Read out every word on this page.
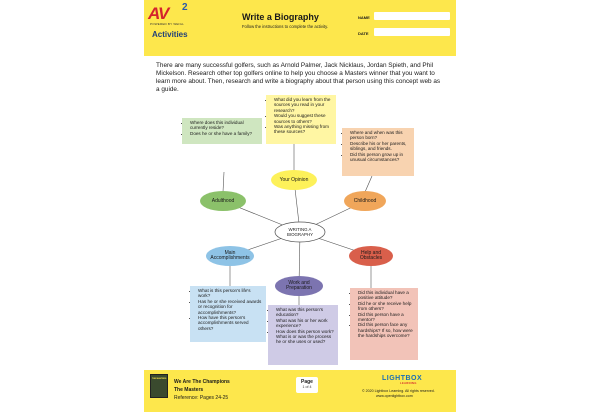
AV 2
POWERED BY WEIGL
Activities
Write a Biography
Follow the instructions to complete the activity.
NAME
DATE
There are many successful golfers, such as Arnold Palmer, Jack Nicklaus, Jordan Spieth, and Phil Mickelson. Research other top golfers online to help you choose a Masters winner that you want to learn more about. Then, research and write a biography about that person using this concept web as a guide.
WRITING A
BIOGRAPHY
Your Opinion
Adulthood	Childhood
Main
Accomplishments
Help and
Obstacles
Work and
Preparation
• What did you learn from the sources you read in your research?
• Would you suggest these sources to others?
• Was anything missing from these sources?
• Where does this individual currently reside?
• Does he or she have a family?
•	Where and when was this person born?
• Describe his or her parents, siblings, and friends.
• Did this person grow up in unusual circumstances?
• What is this person's life's work?
• Has he or she received awards or recognition for accomplishments?
• How have this person's accomplishments served others?
• What was this person's education?
• What was his or her work experience?
• How does this person work? What is or was the process he or she uses or used?
• Did this individual have a positive attitude?
• Did he or she receive help from others?
• Did this person have a mentor?
• Did this person face any hardships? If so, how were the hardships overcome?
THE MASTERS We Are The Champions
The Masters
Reference: Pages 24-25
Page
1 of 4
LIGHTBOX
LEARNING
© 2020 Lightbox Learning. All rights reserved.
www.openlightbox.com
